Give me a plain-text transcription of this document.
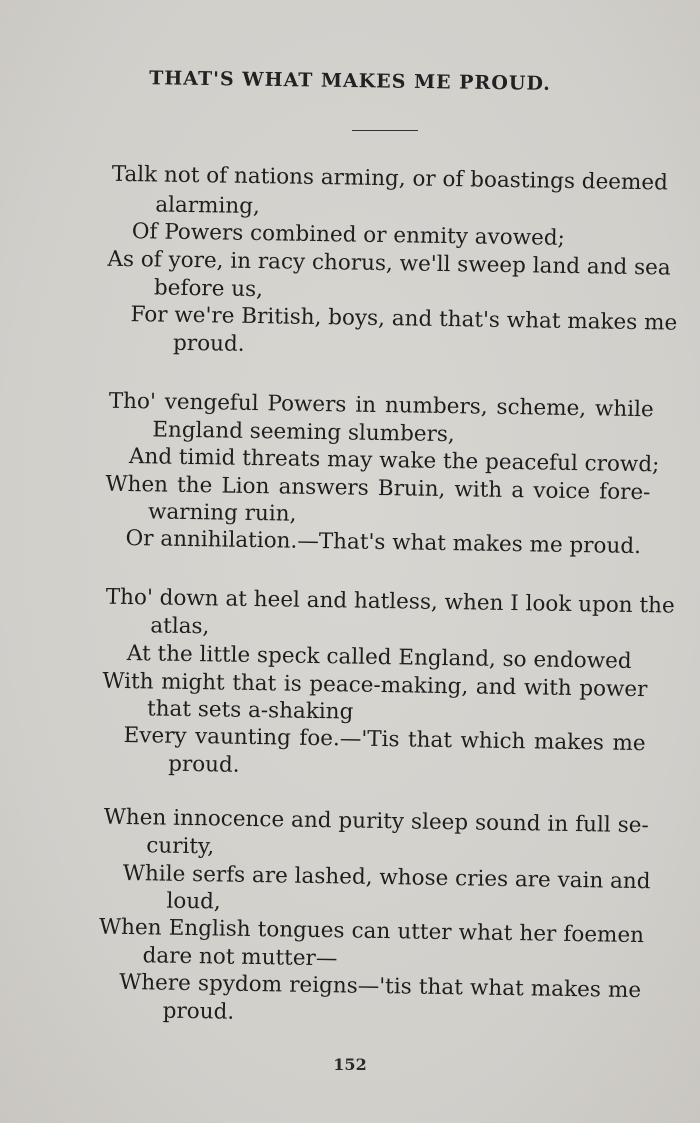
THAT'S WHAT MAKES ME PROUD.
Talk not of nations arming, or of boastings deemed
alarming,
Of Powers combined or enmity avowed;
As of yore, in racy chorus, we'll sweep land and sea
before us,
For we're British, boys, and that's what makes me
proud.
Tho' vengeful Powers in numbers, scheme, while
England seeming slumbers,
And timid threats may wake the peaceful crowd;
When the Lion answers Bruin, with a voice fore-
warning ruin,
Or annihilation.—That's what makes me proud.
Tho' down at heel and hatless, when I look upon the
atlas,
At the little speck called England, so endowed
With might that is peace-making, and with power
that sets a-shaking
Every vaunting foe.—'Tis that which makes me
proud.
When innocence and purity sleep sound in full se-
curity,
While serfs are lashed, whose cries are vain and
loud,
When English tongues can utter what her foemen
dare not mutter—
Where spydom reigns—'tis that what makes me
proud.
152
